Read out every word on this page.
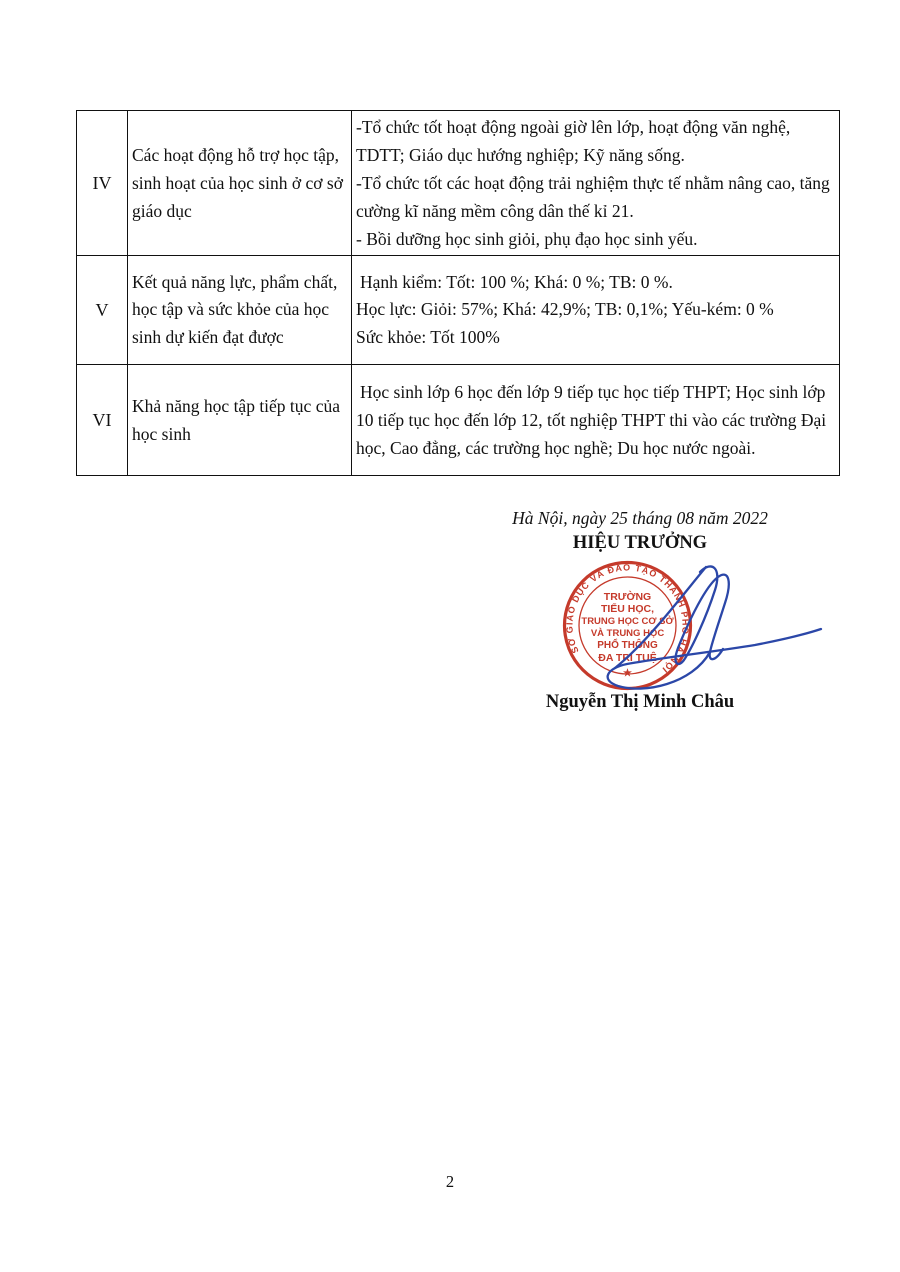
IV	Các hoạt động hỗ trợ học tập, sinh hoạt của học sinh ở cơ sở giáo dục	-Tổ chức tốt hoạt động ngoài giờ lên lớp, hoạt động văn nghệ, TDTT; Giáo dục hướng nghiệp; Kỹ năng sống.

-Tổ chức tốt các hoạt động trải nghiệm thực tế nhằm nâng cao, tăng cường kĩ năng mềm công dân thế kỉ 21.

- Bồi dưỡng học sinh giỏi, phụ đạo học sinh yếu.

V	Kết quả năng lực, phẩm chất, học tập và sức khỏe của học sinh dự kiến đạt được	Hạnh kiểm: Tốt: 100 %; Khá: 0 %; TB: 0 %.

Học lực: Giỏi: 57%; Khá: 42,9%; TB: 0,1%; Yếu-kém: 0 %

Sức khỏe: Tốt 100%

VI	Khả năng học tập tiếp tục của học sinh	Học sinh lớp 6 học đến lớp 9 tiếp tục học tiếp THPT; Học sinh lớp 10 tiếp tục học đến lớp 12, tốt nghiệp THPT thi vào các trường Đại học, Cao đẳng, các trường học nghề; Du học nước ngoài.

Hà Nội, ngày 25 tháng 08 năm 2022
HIỆU TRƯỞNG
SỞ GIÁO DỤC VÀ ĐÀO TẠO THÀNH PHỐ HÀ NỘI
TRƯỜNG
TIỂU HỌC,
TRUNG HỌC CƠ SỞ
VÀ TRUNG HỌC
PHỔ THÔNG
ĐA TRÍ TUỆ
★
Nguyễn Thị Minh Châu
2
